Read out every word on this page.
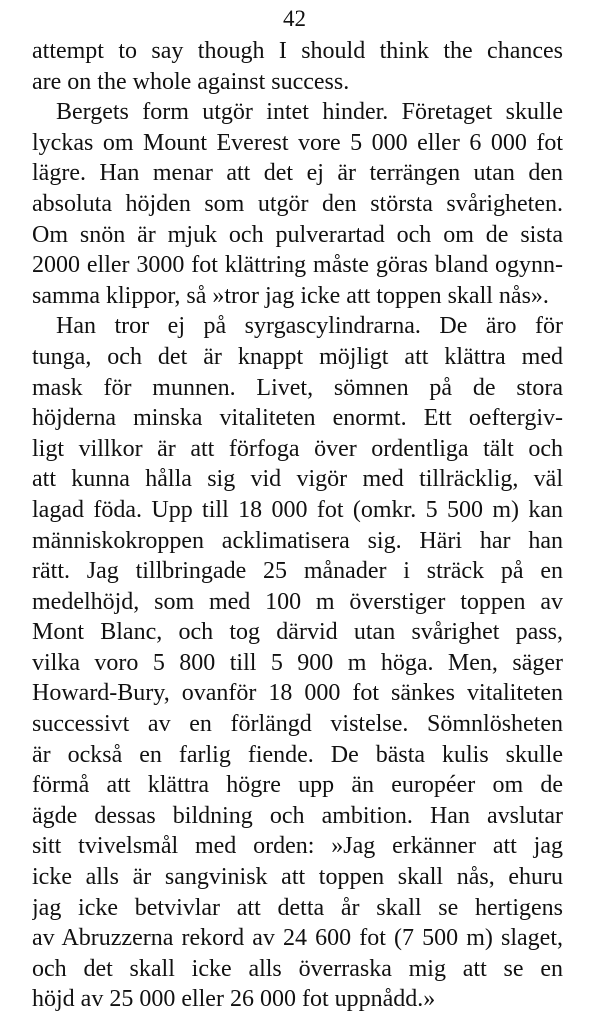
42
attempt to say though I should think the chances
are on the whole against success.
Bergets form utgör intet hinder. Företaget skulle
lyckas om Mount Everest vore 5 000 eller 6 000 fot
lägre. Han menar att det ej är terrängen utan den
absoluta höjden som utgör den största svårigheten.
Om snön är mjuk och pulverartad och om de sista
2000 eller 3000 fot klättring måste göras bland ogynn-
samma klippor, så »tror jag icke att toppen skall nås».
Han tror ej på syrgascylindrarna. De äro för
tunga, och det är knappt möjligt att klättra med
mask för munnen. Livet, sömnen på de stora
höjderna minska vitaliteten enormt. Ett oeftergiv-
ligt villkor är att förfoga över ordentliga tält och
att kunna hålla sig vid vigör med tillräcklig, väl
lagad föda. Upp till 18 000 fot (omkr. 5 500 m) kan
människokroppen acklimatisera sig. Häri har han
rätt. Jag tillbringade 25 månader i sträck på en
medelhöjd, som med 100 m överstiger toppen av
Mont Blanc, och tog därvid utan svårighet pass,
vilka voro 5 800 till 5 900 m höga. Men, säger
Howard-Bury, ovanför 18 000 fot sänkes vitaliteten
successivt av en förlängd vistelse. Sömnlösheten
är också en farlig fiende. De bästa kulis skulle
förmå att klättra högre upp än européer om de
ägde dessas bildning och ambition. Han avslutar
sitt tvivelsmål med orden: »Jag erkänner att jag
icke alls är sangvinisk att toppen skall nås, ehuru
jag icke betvivlar att detta år skall se hertigens
av Abruzzerna rekord av 24 600 fot (7 500 m) slaget,
och det skall icke alls överraska mig att se en
höjd av 25 000 eller 26 000 fot uppnådd.»
